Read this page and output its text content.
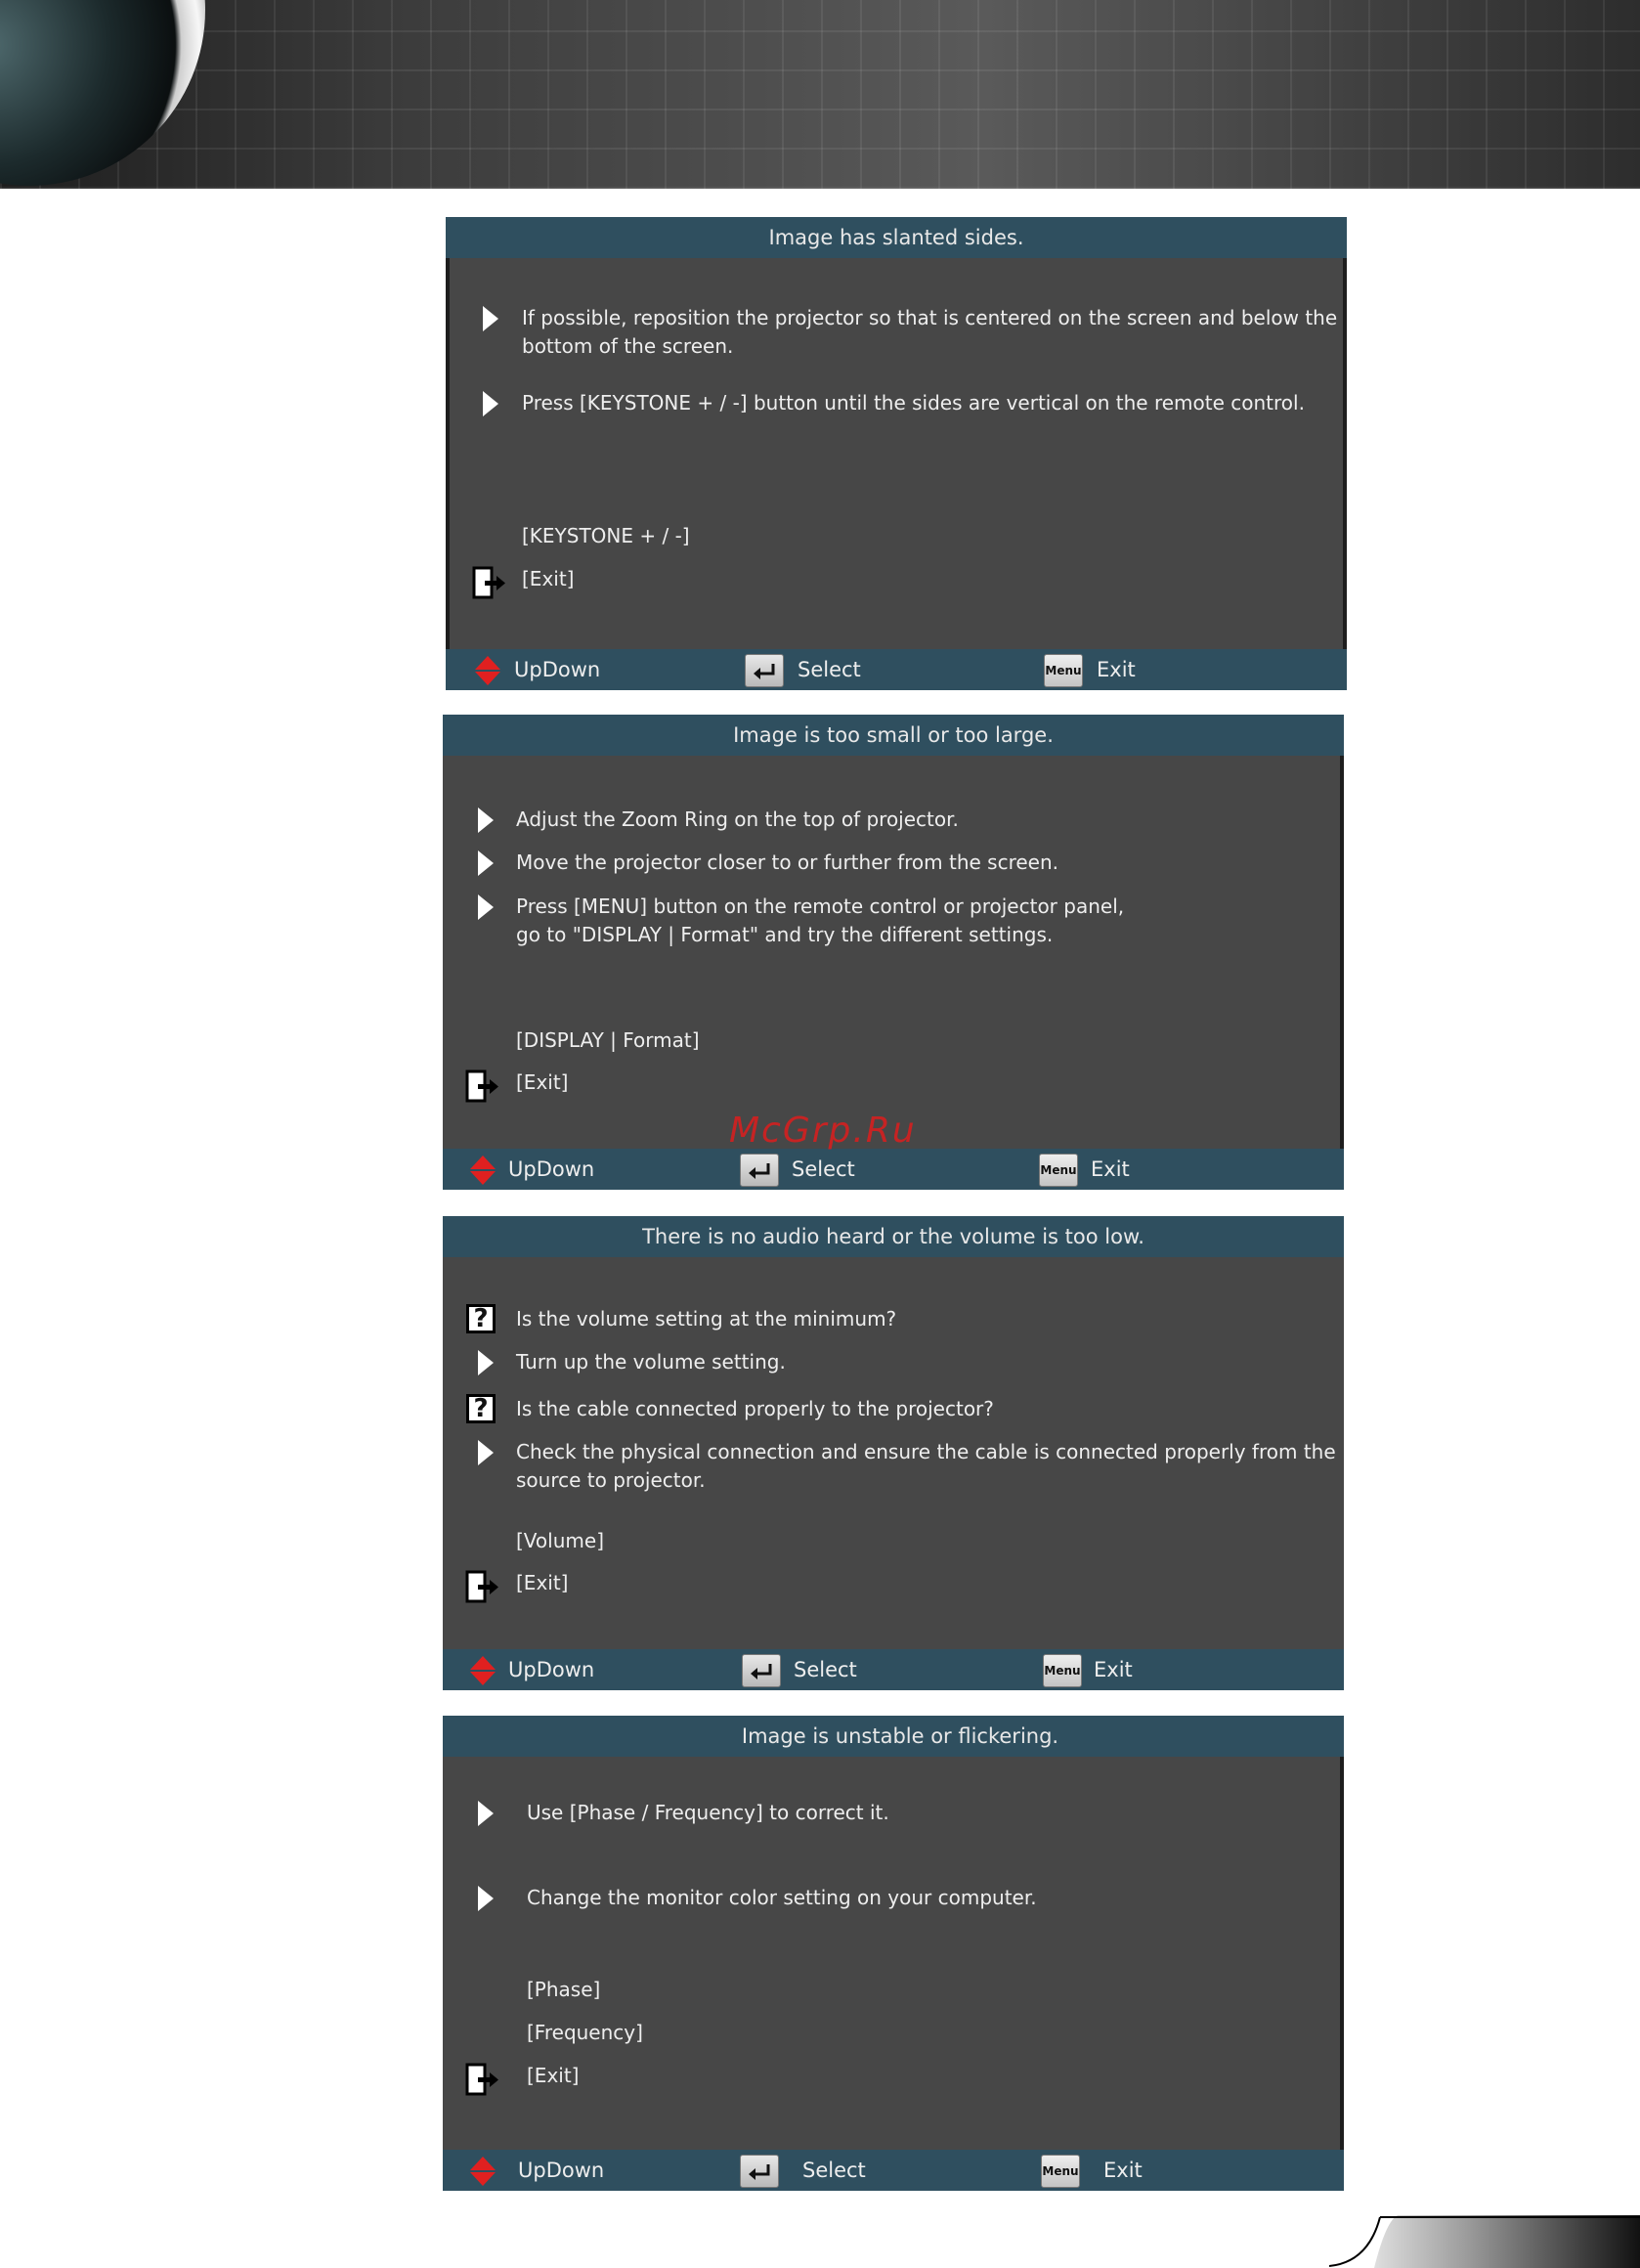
Image has slanted sides.
If possible, reposition the projector so that is centered on the screen and below the
bottom of the screen.
Press [KEYSTONE + / -] button until the sides are vertical on the remote control.
[KEYSTONE + / -]
[Exit]
UpDown	Select	Menu Exit
Image is too small or too large.
Adjust the Zoom Ring on the top of projector.
Move the projector closer to or further from the screen.
Press [MENU] button on the remote control or projector panel,
go to "DISPLAY | Format" and try the different settings.
[DISPLAY | Format]
[Exit]
UpDown	Select	Menu Exit
There is no audio heard or the volume is too low.
?	Is the volume setting at the minimum?
Turn up the volume setting.
?	Is the cable connected properly to the projector?
Check the physical connection and ensure the cable is connected properly from the
source to projector.
[Volume]
[Exit]
UpDown	Select	Menu Exit
Image is unstable or flickering.
Use [Phase / Frequency] to correct it.
Change the monitor color setting on your computer.
[Phase]
[Frequency]
[Exit]
UpDown	Select	Menu Exit
McGrp.Ru
